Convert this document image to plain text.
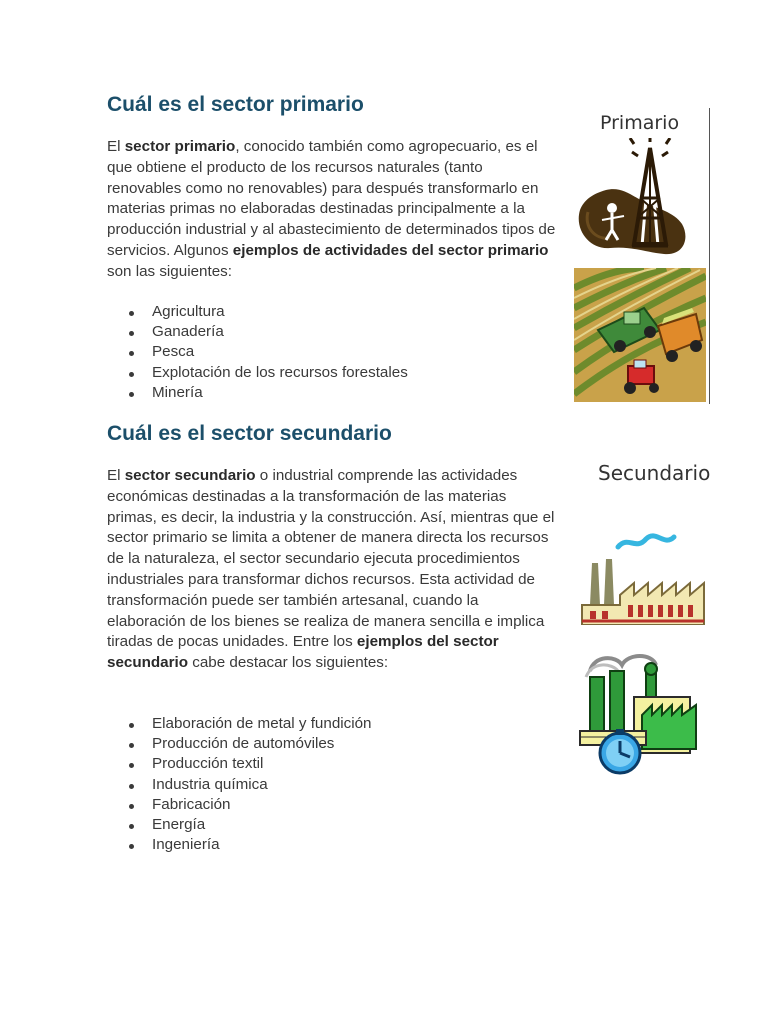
Cuál es el sector primario

El sector primario, conocido también como agropecuario, es el que obtiene el producto de los recursos naturales (tanto renovables como no renovables) para después transformarlo en materias primas no elaboradas destinadas principalmente a la producción industrial y al abastecimiento de determinados tipos de servicios. Algunos ejemplos de actividades del sector primario son las siguientes:

Agricultura
Ganadería
Pesca
Explotación de los recursos forestales
Minería
Cuál es el sector secundario

El sector secundario o industrial comprende las actividades económicas destinadas a la transformación de las materias primas, es decir, la industria y la construcción. Así, mientras que el sector primario se limita a obtener de manera directa los recursos de la naturaleza, el sector secundario ejecuta procedimientos industriales para transformar dichos recursos. Esta actividad de transformación puede ser también artesanal, cuando la elaboración de los bienes se realiza de manera sencilla e implica tiradas de pocas unidades. Entre los ejemplos del sector secundario cabe destacar los siguientes:

Elaboración de metal y fundición
Producción de automóviles
Producción textil
Industria química
Fabricación
Energía
Ingeniería
Primario
Secundario
